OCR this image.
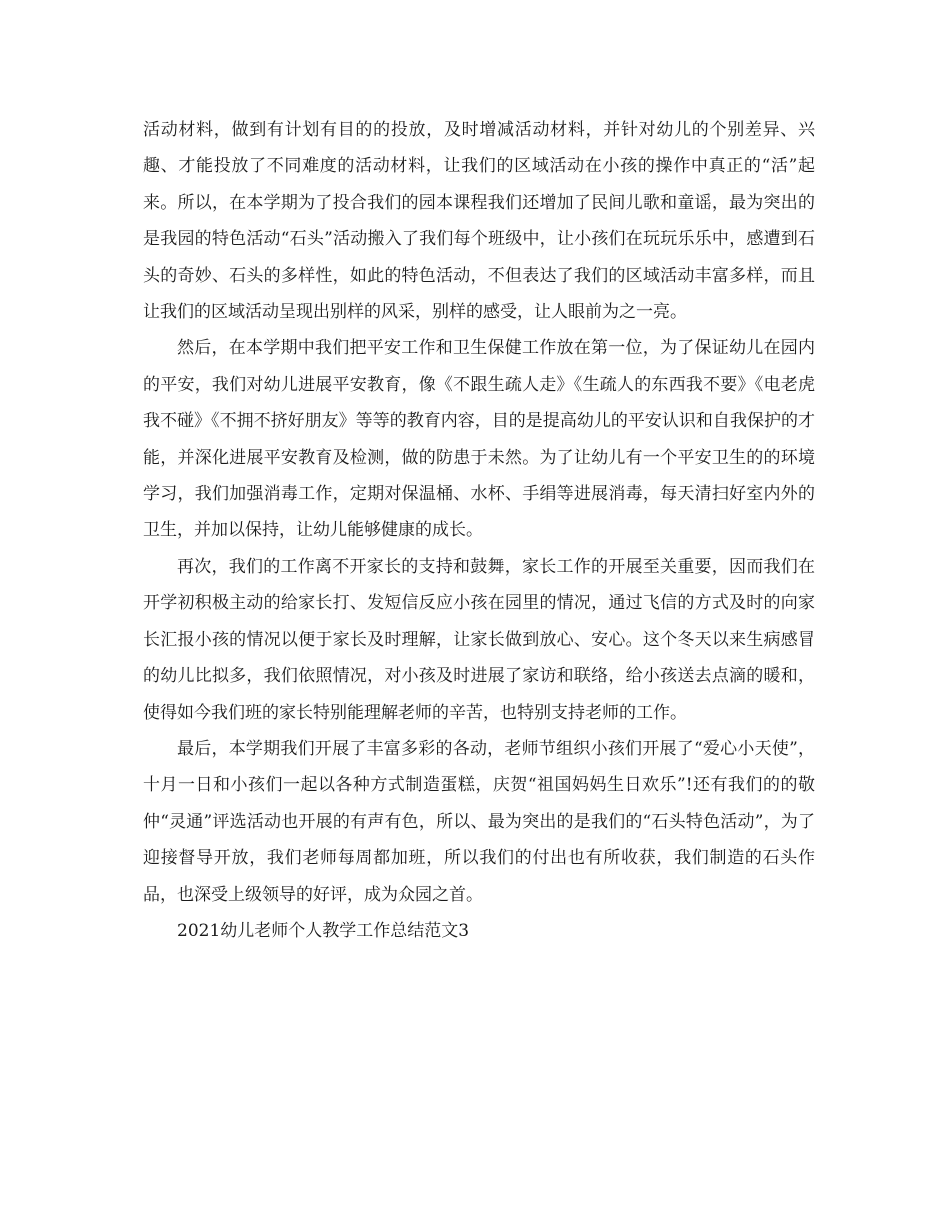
活动材料，做到有计划有目的的投放，及时增减活动材料，并针对幼儿的个别差异、兴趣、才能投放了不同难度的活动材料，让我们的区域活动在小孩的操作中真正的“活”起来。所以，在本学期为了投合我们的园本课程我们还增加了民间儿歌和童谣，最为突出的是我园的特色活动“石头”活动搬入了我们每个班级中，让小孩们在玩玩乐乐中，感遭到石头的奇妙、石头的多样性，如此的特色活动，不但表达了我们的区域活动丰富多样，而且让我们的区域活动呈现出别样的风采，别样的感受，让人眼前为之一亮。

然后，在本学期中我们把平安工作和卫生保健工作放在第一位，为了保证幼儿在园内的平安，我们对幼儿进展平安教育，像《不跟生疏人走》《生疏人的东西我不要》《电老虎我不碰》《不拥不挤好朋友》等等的教育内容，目的是提高幼儿的平安认识和自我保护的才能，并深化进展平安教育及检测，做的防患于未然。为了让幼儿有一个平安卫生的的环境学习，我们加强消毒工作，定期对保温桶、水杯、手绢等进展消毒，每天清扫好室内外的卫生，并加以保持，让幼儿能够健康的成长。

再次，我们的工作离不开家长的支持和鼓舞，家长工作的开展至关重要，因而我们在开学初积极主动的给家长打、发短信反应小孩在园里的情况，通过飞信的方式及时的向家长汇报小孩的情况以便于家长及时理解，让家长做到放心、安心。这个冬天以来生病感冒的幼儿比拟多，我们依照情况，对小孩及时进展了家访和联络，给小孩送去点滴的暖和，使得如今我们班的家长特别能理解老师的辛苦，也特别支持老师的工作。

最后，本学期我们开展了丰富多彩的各动，老师节组织小孩们开展了“爱心小天使”，十月一日和小孩们一起以各种方式制造蛋糕，庆贺“祖国妈妈生日欢乐”!还有我们的的敬仲“灵通”评选活动也开展的有声有色，所以、最为突出的是我们的“石头特色活动”，为了迎接督导开放，我们老师每周都加班，所以我们的付出也有所收获，我们制造的石头作品，也深受上级领导的好评，成为众园之首。

2021幼儿老师个人教学工作总结范文3
